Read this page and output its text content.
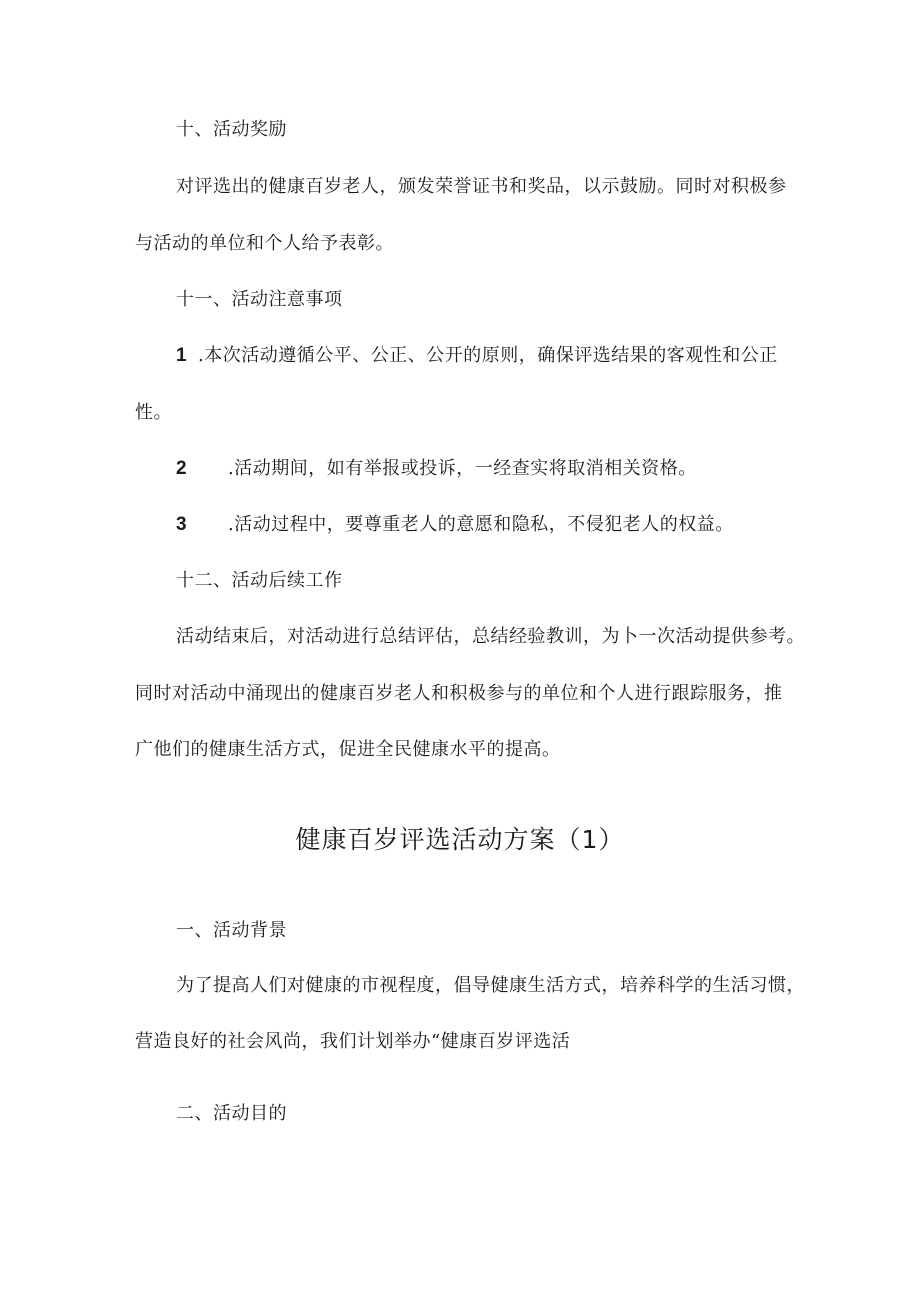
十、活动奖励
对评选出的健康百岁老人，颁发荣誉证书和奖品，以示鼓励。同时对积极参
与活动的单位和个人给予表彰。
十一、活动注意事项
1 .本次活动遵循公平、公正、公开的原则，确保评选结果的客观性和公正
性。
2 .活动期间，如有举报或投诉，一经查实将取消相关资格。
3 .活动过程中，要尊重老人的意愿和隐私，不侵犯老人的权益。
十二、活动后续工作
活动结束后，对活动进行总结评估，总结经验教训，为卜一次活动提供参考。
同时对活动中涌现出的健康百岁老人和积极参与的单位和个人进行跟踪服务，推
广他们的健康生活方式，促进全民健康水平的提高。
健康百岁评选活动方案（1）
一、活动背景
为了提高人们对健康的市视程度，倡导健康生活方式，培养科学的生活习惯，
营造良好的社会风尚，我们计划举办“健康百岁评选活
二、活动目的
